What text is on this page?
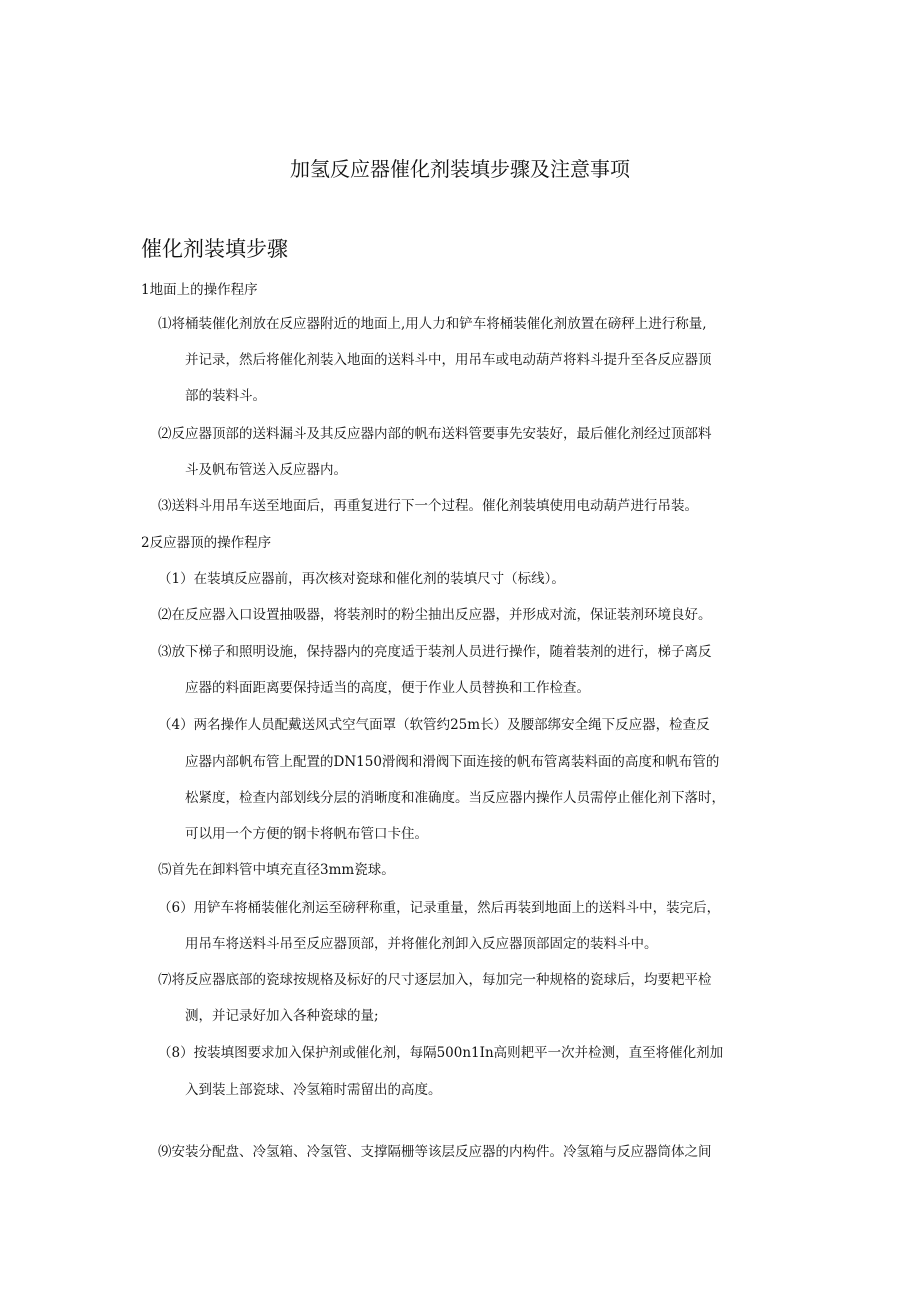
加氢反应器催化剂装填步骤及注意事项
催化剂装填步骤

1地面上的操作程序

⑴将桶装催化剂放在反应器附近的地面上,用人力和铲车将桶装催化剂放置在磅秤上进行称量,

并记录，然后将催化剂装入地面的送料斗中，用吊车或电动葫芦将料斗提升至各反应器顶

部的装料斗。

⑵反应器顶部的送料漏斗及其反应器内部的帆布送料管要事先安装好，最后催化剂经过顶部料

斗及帆布管送入反应器内。

⑶送料斗用吊车送至地面后，再重复进行下一个过程。催化剂装填使用电动葫芦进行吊装。

2反应器顶的操作程序

（1）在装填反应器前，再次核对瓷球和催化剂的装填尺寸（标线）。

⑵在反应器入口设置抽吸器，将装剂时的粉尘抽出反应器，并形成对流，保证装剂环境良好。

⑶放下梯子和照明设施，保持器内的亮度适于装剂人员进行操作，随着装剂的进行，梯子离反

应器的料面距离要保持适当的高度，便于作业人员替换和工作检查。

（4）两名操作人员配戴送风式空气面罩（软管约25m长）及腰部绑安全绳下反应器，检查反

应器内部帆布管上配置的DN150滑阀和滑阀下面连接的帆布管离装料面的高度和帆布管的

松紧度，检查内部划线分层的消晰度和准确度。当反应器内操作人员需停止催化剂下落时，

可以用一个方便的钢卡将帆布管口卡住。

⑸首先在卸料管中填充直径3mm瓷球。

（6）用铲车将桶装催化剂运至磅秤称重，记录重量，然后再装到地面上的送料斗中，装完后，

用吊车将送料斗吊至反应器顶部，并将催化剂卸入反应器顶部固定的装料斗中。

⑺将反应器底部的瓷球按规格及标好的尺寸逐层加入，每加完一种规格的瓷球后，均要耙平检

测，并记录好加入各种瓷球的量;

（8）按装填图要求加入保护剂或催化剂，每隔500n1In高则耙平一次并检测，直至将催化剂加

入到装上部瓷球、冷氢箱时需留出的高度。

⑼安装分配盘、冷氢箱、冷氢管、支撑隔栅等该层反应器的内构件。冷氢箱与反应器筒体之间
